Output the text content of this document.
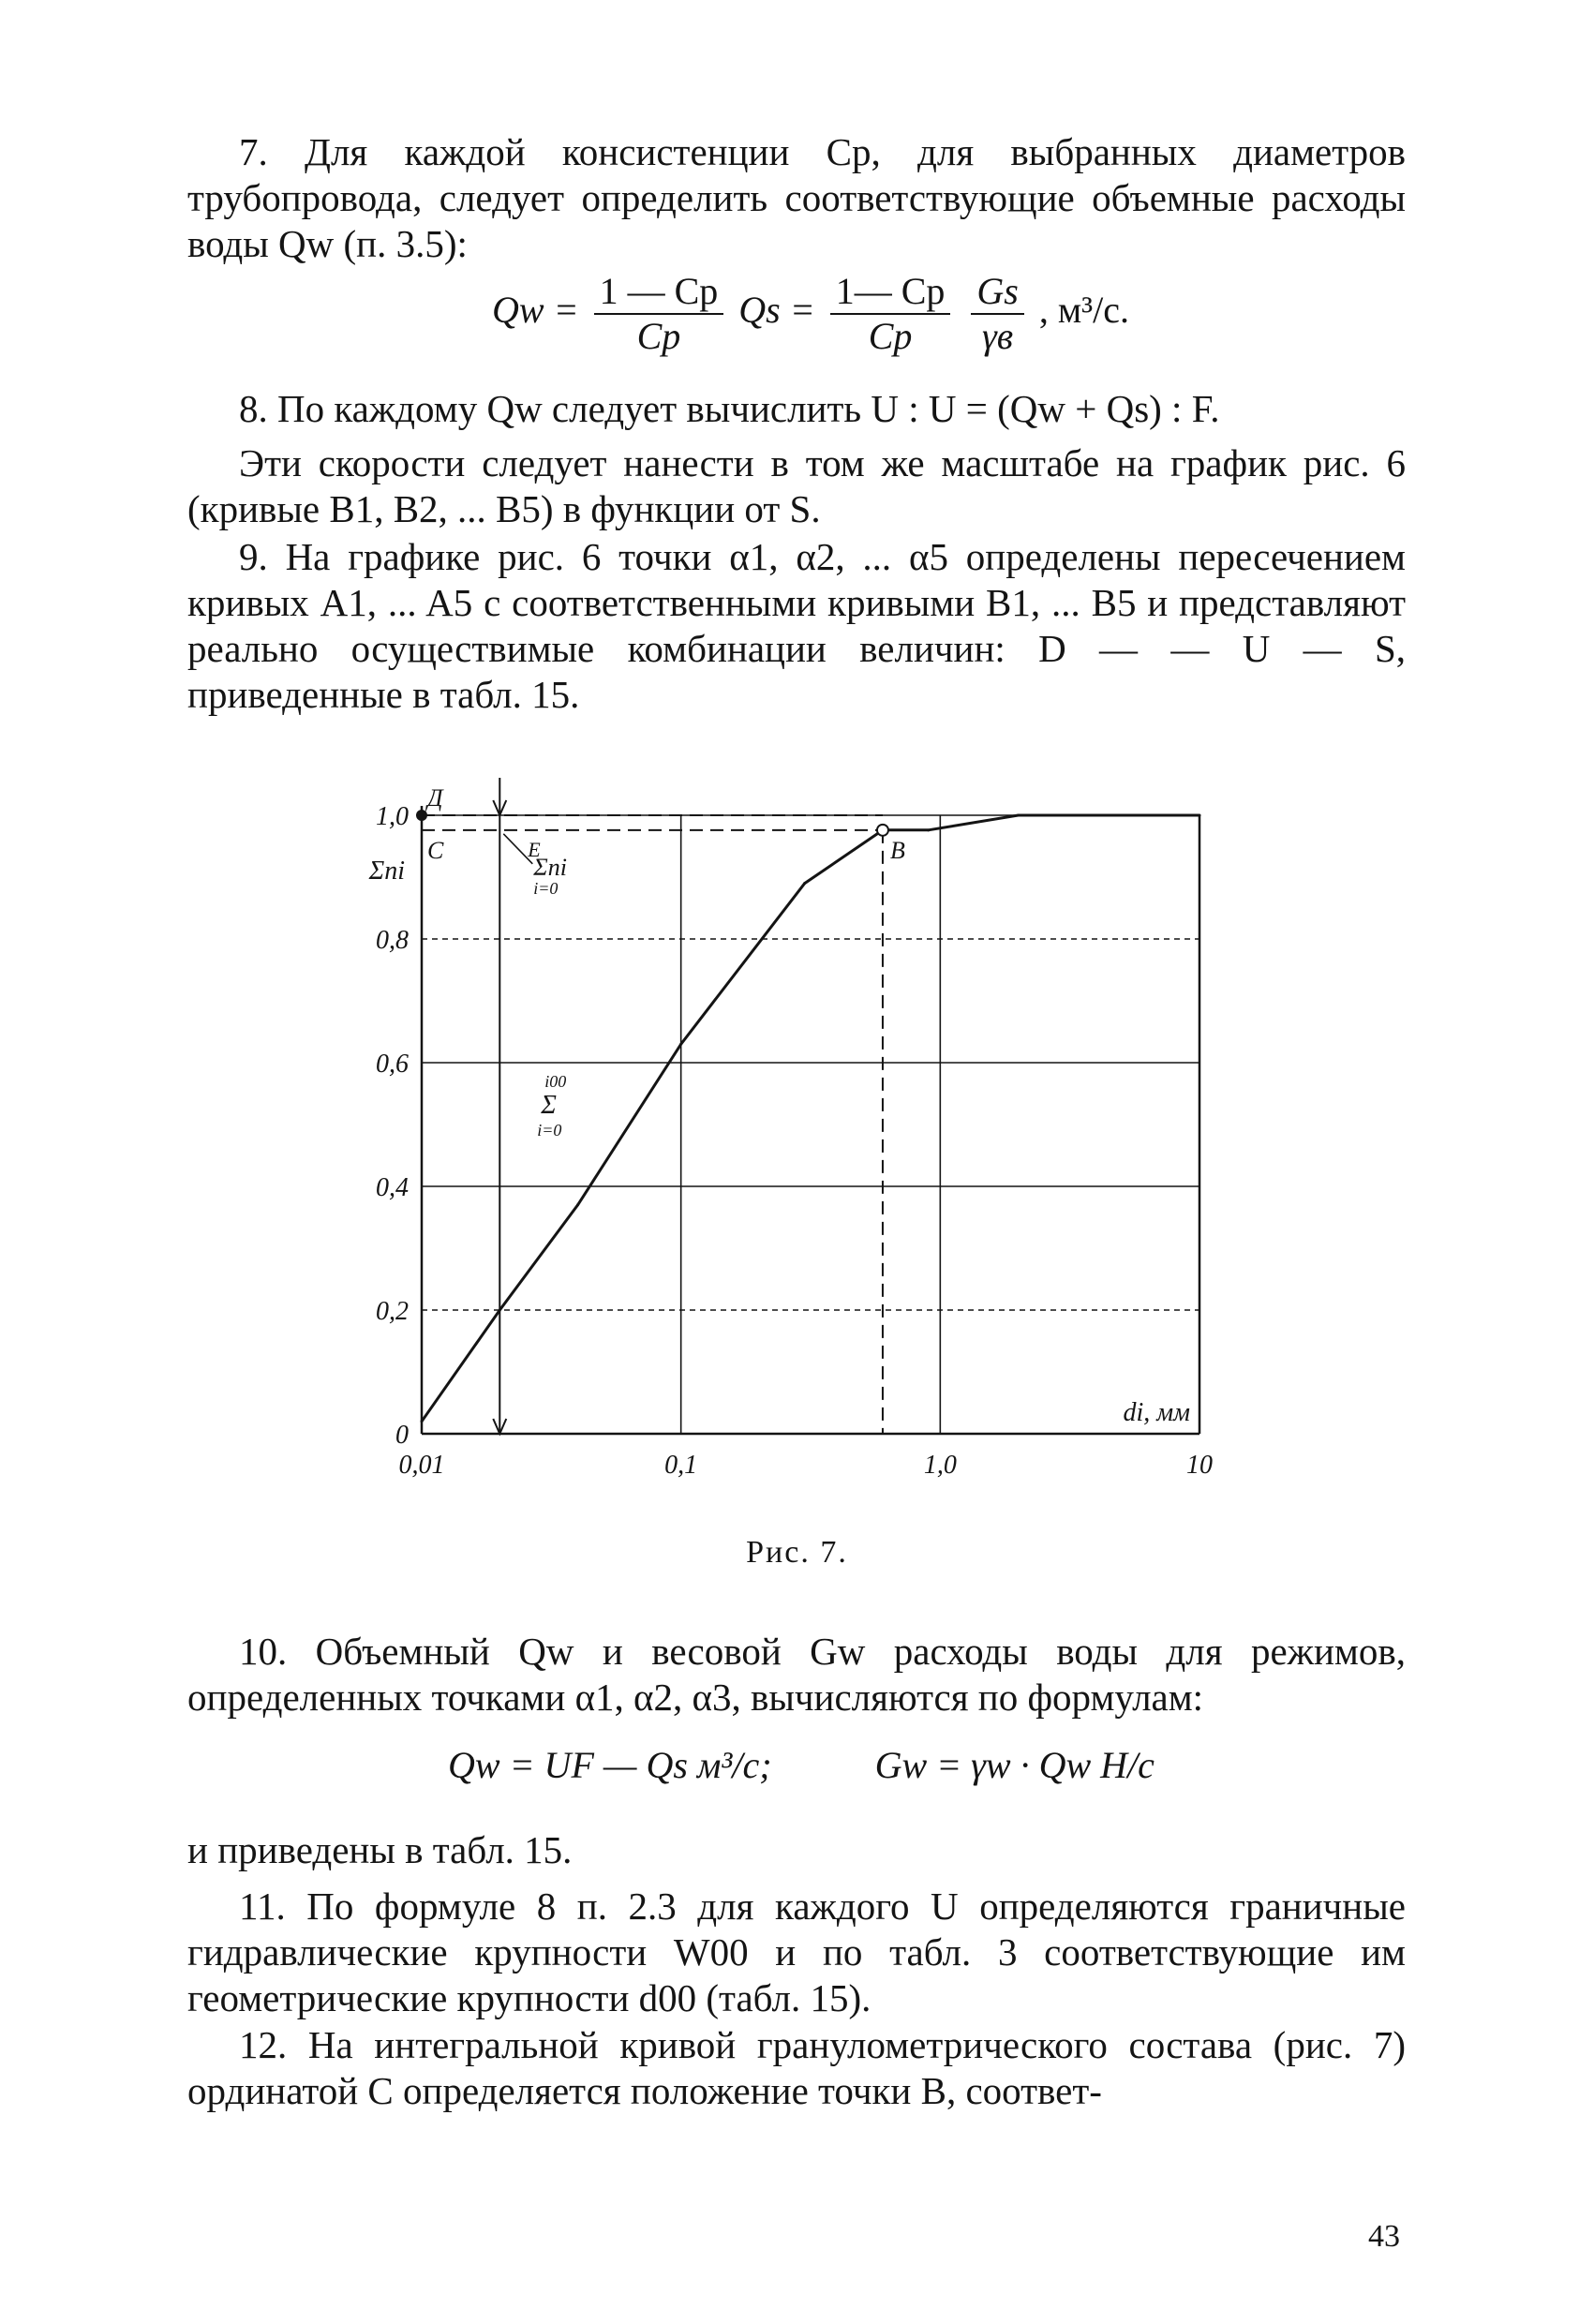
7. Для каждой консистенции Cр, для выбранных диаметров трубопровода, следует определить соответствующие объемные расходы воды Qw (п. 3.5):

$Qw = \frac{1 — Cр}{Cр}$ $Qs = \frac{1— Cр}{Cр}$
$\frac{Gs}{\gamma в}$ , м³/с.

8. По каждому Qw следует вычислить U : U = (Qw + Qs) : F.

Эти скорости следует нанести в том же масштабе на график рис. 6 (кривые B1, B2, ... B5) в функции от S.

9. На графике рис. 6 точки α1, α2, ... α5 определены пересечением кривых A1, ... A5 с соответственными кривыми B1, ... B5 и представляют реально осуществимые комбинации величин: D — — U — S, приведенные в табл. 15.

0
0,2
0,4
0,6
0,8
1,0
0,01	0,1	1,0	10
Σni
di, мм
Д
C	B
E
Σni
i=0
i00
Σ
i=0
Рис. 7.

10. Объемный Qw и весовой Gw расходы воды для режимов, определенных точками α1, α2, α3, вычисляются по формулам:

Qw = UF — Qs м³/с;	Gw = γw · Qw Н/с

и приведены в табл. 15.

11. По формуле 8 п. 2.3 для каждого U определяются граничные гидравлические крупности W00 и по табл. 3 соответствующие им геометрические крупности d00 (табл. 15).

12. На интегральной кривой гранулометрического состава (рис. 7) ординатой C определяется положение точки B, соответ-

43
